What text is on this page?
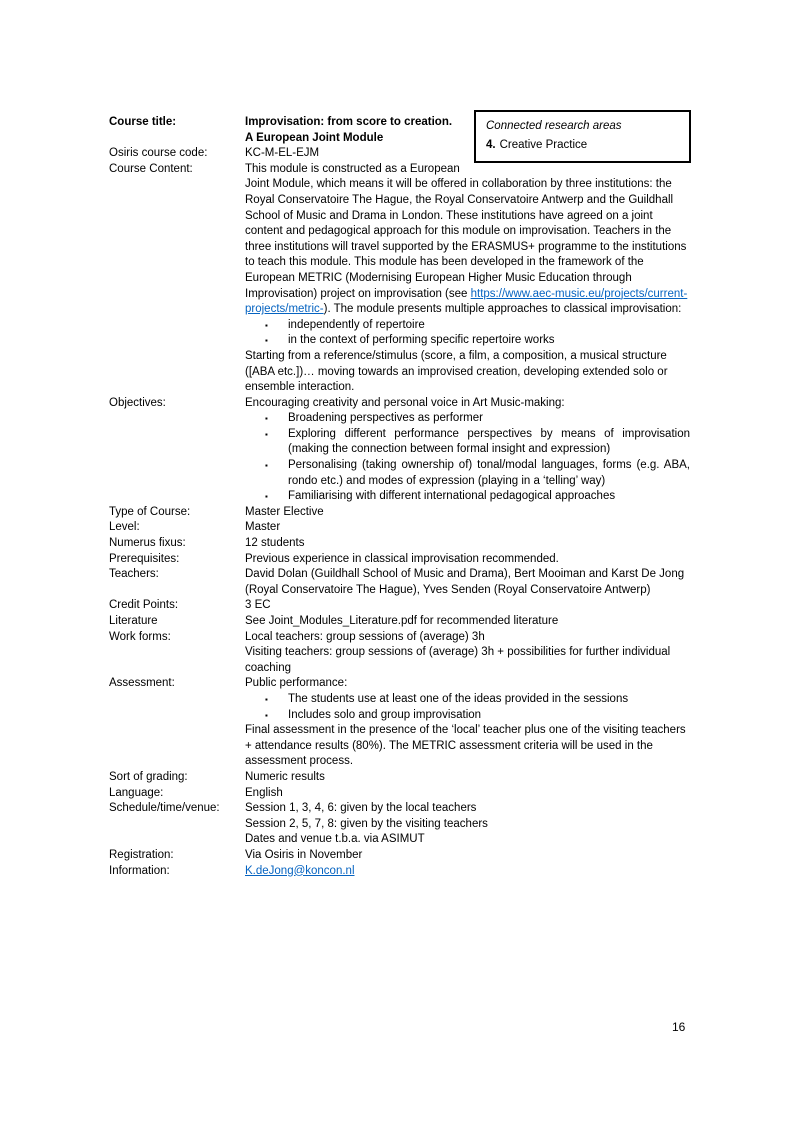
Connected research areas
4. Creative Practice
Course title:	Improvisation: from score to creation.
A European Joint Module
Osiris course code:	KC-M-EL-EJM
Course Content:	This module is constructed as a European Joint Module, which means it will be offered in collaboration by three institutions: the Royal Conservatoire The Hague, the Royal Conservatoire Antwerp and the Guildhall School of Music and Drama in London. These institutions have agreed on a joint content and pedagogical approach for this module on improvisation. Teachers in the three institutions will travel supported by the ERASMUS+ programme to the institutions to teach this module. This module has been developed in the framework of the European METRIC (Modernising European Higher Music Education through Improvisation) project on improvisation (see https://www.aec-music.eu/projects/current-projects/metric-). The module presents multiple approaches to classical improvisation:
▪	independently of repertoire
▪	in the context of performing specific repertoire works
Starting from a reference/stimulus (score, a film, a composition, a musical structure ([ABA etc.])… moving towards an improvised creation, developing extended solo or ensemble interaction.
Objectives:	Encouraging creativity and personal voice in Art Music-making:
▪	Broadening perspectives as performer
▪	Exploring different performance perspectives by means of improvisation (making the connection between formal insight and expression)
▪	Personalising (taking ownership of) tonal/modal languages, forms (e.g. ABA, rondo etc.) and modes of expression (playing in a ‘telling’ way)
▪	Familiarising with different international pedagogical approaches
Type of Course:	Master Elective
Level:	Master
Numerus fixus:	12 students
Prerequisites:	Previous experience in classical improvisation recommended.
Teachers:	David Dolan (Guildhall School of Music and Drama), Bert Mooiman and Karst De Jong (Royal Conservatoire The Hague), Yves Senden (Royal Conservatoire Antwerp)
Credit Points:	3 EC
Literature	See Joint_Modules_Literature.pdf for recommended literature
Work forms:	Local teachers: group sessions of (average) 3h
Visiting teachers: group sessions of (average) 3h + possibilities for further individual coaching
Assessment:	Public performance:
▪	The students use at least one of the ideas provided in the sessions
▪	Includes solo and group improvisation
Final assessment in the presence of the ‘local’ teacher plus one of the visiting teachers + attendance results (80%). The METRIC assessment criteria will be used in the assessment process.
Sort of grading:	Numeric results
Language:	English
Schedule/time/venue:	Session 1, 3, 4, 6: given by the local teachers
Session 2, 5, 7, 8: given by the visiting teachers
Dates and venue t.b.a. via ASIMUT
Registration:	Via Osiris in November
Information:	K.deJong@koncon.nl
16
